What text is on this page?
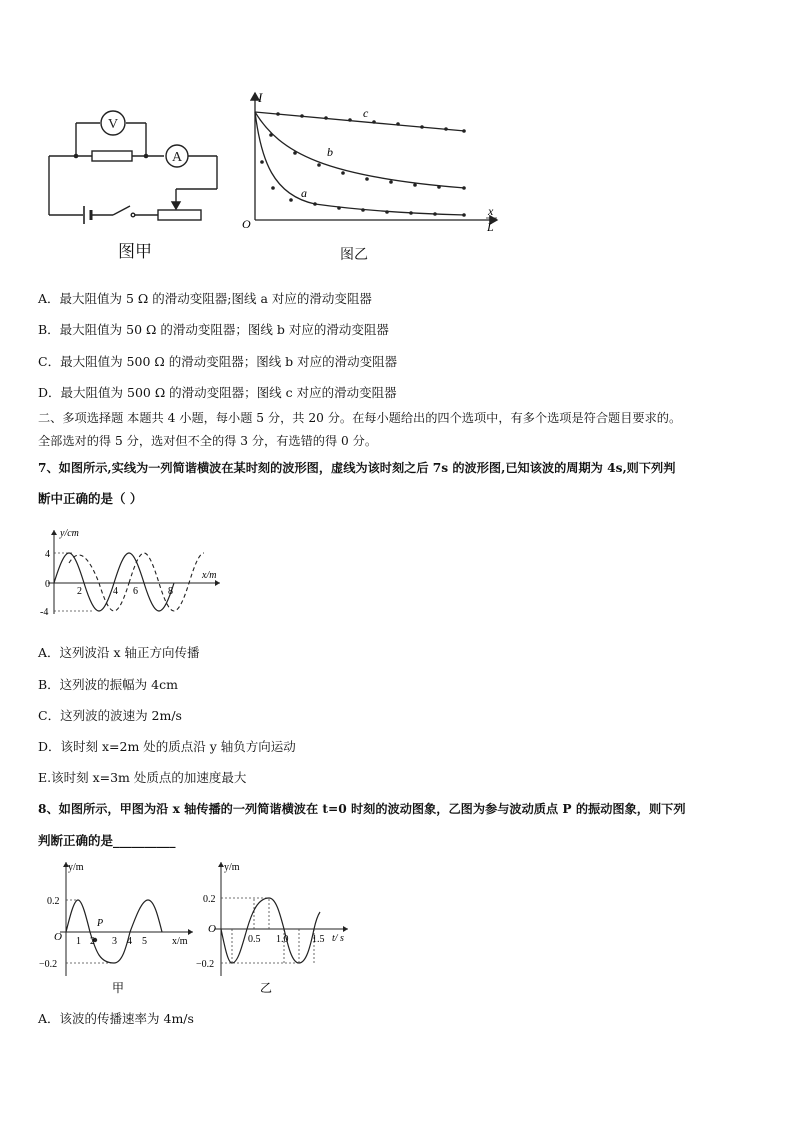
V
A
图甲
I
O
x
L
a
b
c
图乙
A．最大阻值为 5 Ω 的滑动变阻器;图线 a 对应的滑动变阻器
B．最大阻值为 50 Ω 的滑动变阻器；图线 b 对应的滑动变阻器
C．最大阻值为 500 Ω 的滑动变阻器；图线 b 对应的滑动变阻器
D．最大阻值为 500 Ω 的滑动变阻器；图线 c 对应的滑动变阻器
二、多项选择题 本题共 4 小题，每小题 5 分，共 20 分。在每小题给出的四个选项中，有多个选项是符合题目要求的。
全部选对的得 5 分，选对但不全的得 3 分，有选错的得 0 分。
7、如图所示,实线为一列简谐横波在某时刻的波形图，虚线为该时刻之后 7s 的波形图,已知该波的周期为 4s,则下列判
断中正确的是（ ）
y/cm
x/m
4
0
-4
2	4 6	8
A．这列波沿 x 轴正方向传播
B．这列波的振幅为 4cm
C．这列波的波速为 2m/s
D．该时刻 x=2m 处的质点沿 y 轴负方向运动
E.该时刻 x=3m 处质点的加速度最大
8、如图所示，甲图为沿 x 轴传播的一列简谐横波在 t=0 时刻的波动图象，乙图为参与波动质点 P 的振动图象，则下列
判断正确的是__________
y/m
x/m
O
0.2
−0.2
1 2 3 4 5
P
甲
y/m
t/ s
O
0.2
−0.2
0.5 1.0 1.5
乙
A．该波的传播速率为 4m/s
